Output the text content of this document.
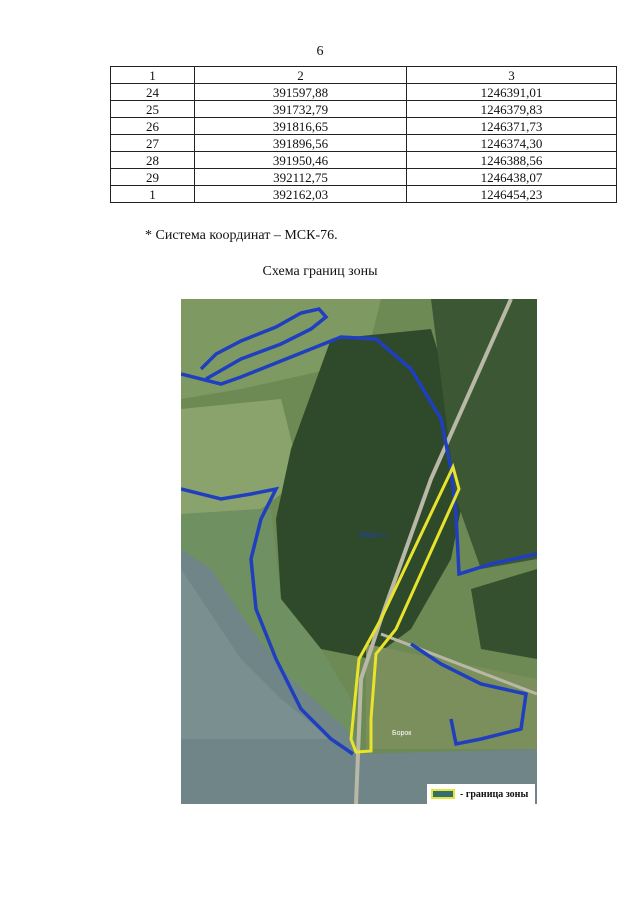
6
1	2	3
24	391597,88	1246391,01
25	391732,79	1246379,83
26	391816,65	1246371,73
27	391896,56	1246374,30
28	391950,46	1246388,56
29	392112,75	1246438,07
1	392162,03	1246454,23
* Система координат – МСК-76.
Схема границ зоны
Мерло н
Борок
- граница зоны
